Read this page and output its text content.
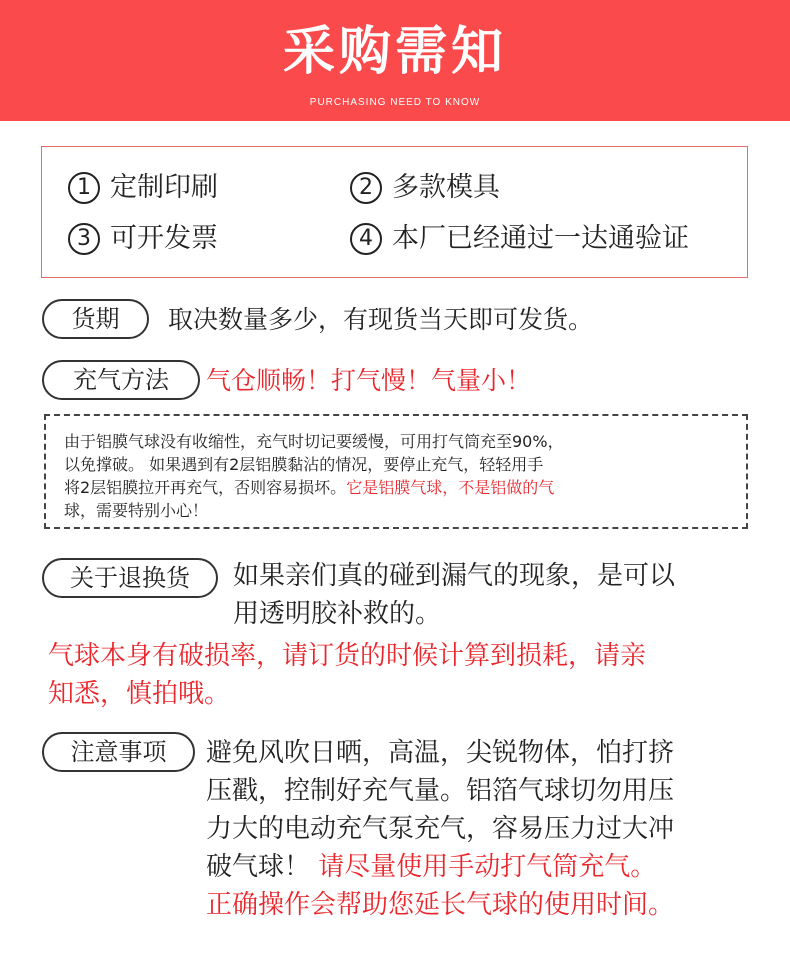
采购需知
PURCHASING NEED TO KNOW
1 定制印刷	2 多款模具
3 可开发票	4 本厂已经通过一达通验证
货期	取决数量多少，有现货当天即可发货。
充气方法	气仓顺畅！打气慢！气量小！
由于铝膜气球没有收缩性，充气时切记要缓慢，可用打气筒充至90%，
以免撑破。 如果遇到有2层铝膜黏沾的情况，要停止充气，轻轻用手
将2层铝膜拉开再充气，否则容易损坏。它是铝膜气球，不是铝做的气
球，需要特别小心！
关于退换货	如果亲们真的碰到漏气的现象，是可以
用透明胶补救的。
气球本身有破损率，请订货的时候计算到损耗，请亲
知悉，慎拍哦。
注意事项	避免风吹日晒，高温，尖锐物体，怕打挤
压戳，控制好充气量。铝箔气球切勿用压
力大的电动充气泵充气，容易压力过大冲
破气球！ 请尽量使用手动打气筒充气。
正确操作会帮助您延长气球的使用时间。
